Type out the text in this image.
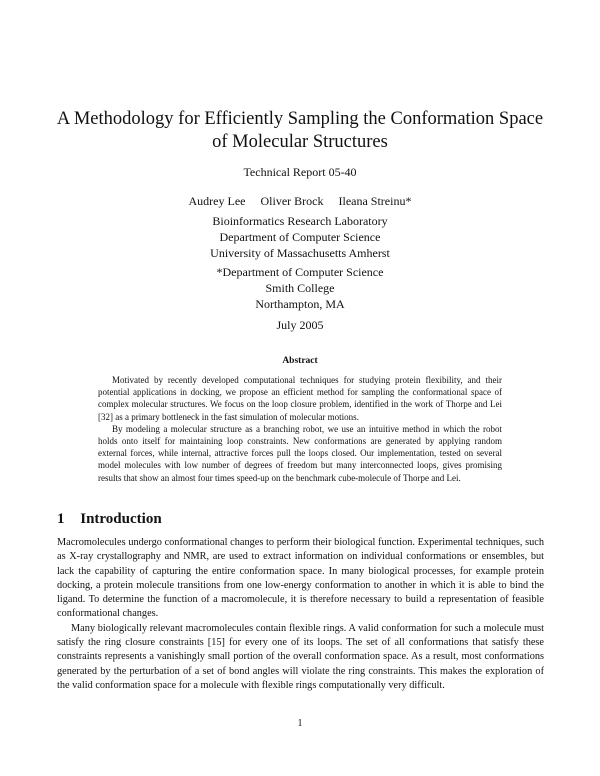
A Methodology for Efficiently Sampling the Conformation Space
of Molecular Structures
Technical Report 05-40
Audrey Lee Oliver Brock Ileana Streinu*
Bioinformatics Research Laboratory
Department of Computer Science
University of Massachusetts Amherst
*Department of Computer Science
Smith College
Northampton, MA
July 2005
Abstract

Motivated by recently developed computational techniques for studying protein flexibility, and their potential applications in docking, we propose an efficient method for sampling the conformational space of complex molecular structures. We focus on the loop closure problem, identified in the work of Thorpe and Lei [32] as a primary bottleneck in the fast simulation of molecular motions.

By modeling a molecular structure as a branching robot, we use an intuitive method in which the robot holds onto itself for maintaining loop constraints. New conformations are generated by applying random external forces, while internal, attractive forces pull the loops closed. Our implementation, tested on several model molecules with low number of degrees of freedom but many interconnected loops, gives promising results that show an almost four times speed-up on the benchmark cube-molecule of Thorpe and Lei.

1 Introduction

Macromolecules undergo conformational changes to perform their biological function. Experimental techniques, such as X-ray crystallography and NMR, are used to extract information on individual conformations or ensembles, but lack the capability of capturing the entire conformation space. In many biological processes, for example protein docking, a protein molecule transitions from one low-energy conformation to another in which it is able to bind the ligand. To determine the function of a macromolecule, it is therefore necessary to build a representation of feasible conformational changes.

Many biologically relevant macromolecules contain flexible rings. A valid conformation for such a molecule must satisfy the ring closure constraints [15] for every one of its loops. The set of all conformations that satisfy these constraints represents a vanishingly small portion of the overall conformation space. As a result, most conformations generated by the perturbation of a set of bond angles will violate the ring constraints. This makes the exploration of the valid conformation space for a molecule with flexible rings computationally very difficult.

1
